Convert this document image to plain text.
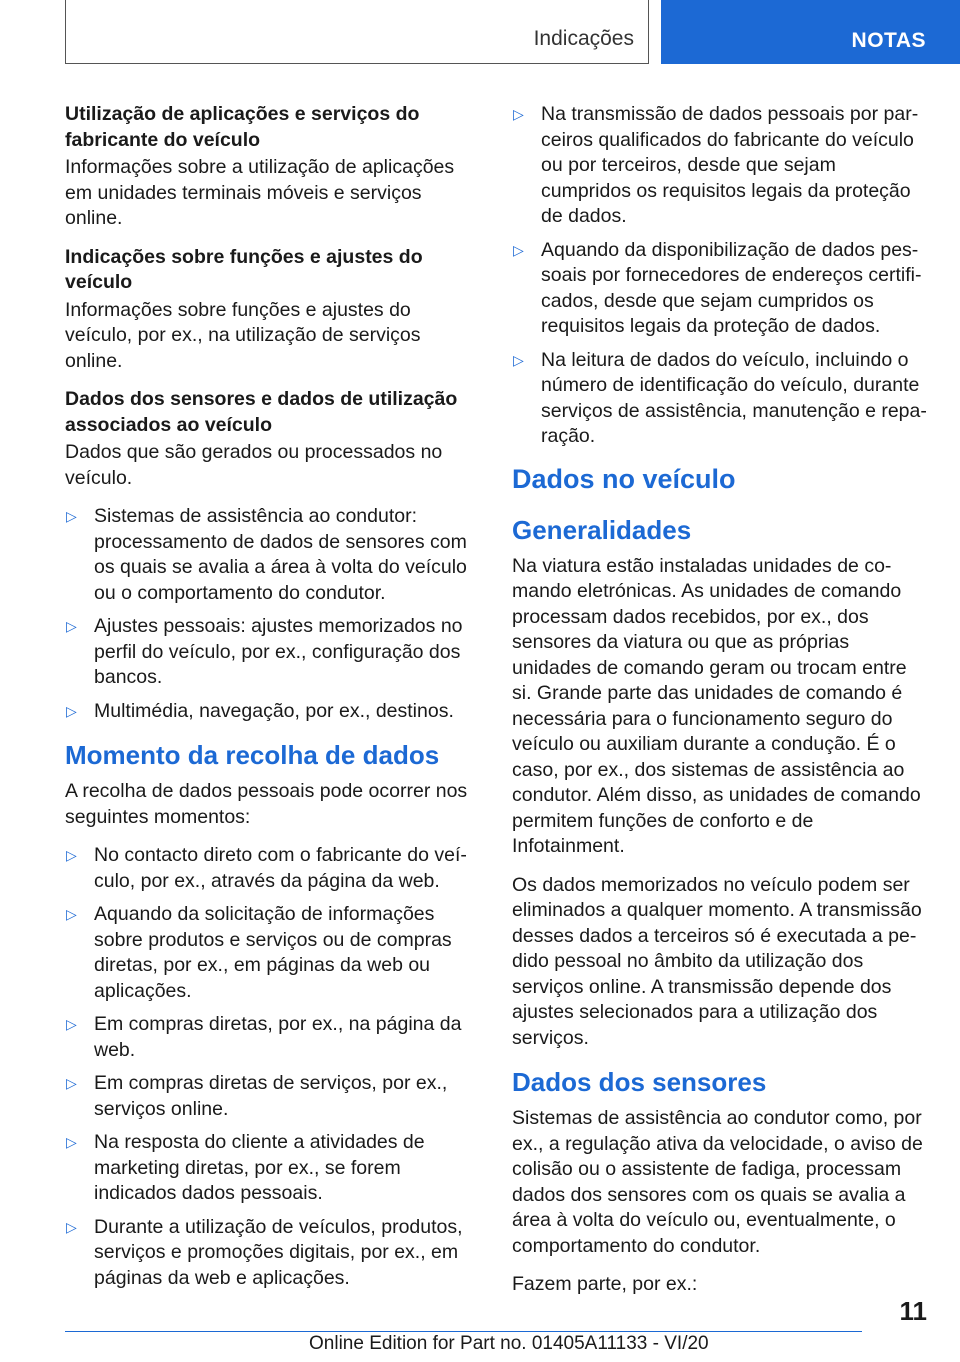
Indicações	NOTAS

Utilização de aplicações e serviços do fabricante do veículo

Informações sobre a utilização de aplicações em unidades terminais móveis e serviços online.

Indicações sobre funções e ajustes do veículo

Informações sobre funções e ajustes do veículo, por ex., na utilização de serviços online.

Dados dos sensores e dados de utilização associados ao veículo

Dados que são gerados ou processados no veículo.

▷ Sistemas de assistência ao condutor: processamento de dados de sensores com os quais se avalia a área à volta do veículo ou o comportamento do condutor.
▷ Ajustes pessoais: ajustes memorizados no perfil do veículo, por ex., configuração dos bancos.
▷ Multimédia, navegação, por ex., destinos.
Momento da recolha de dados

A recolha de dados pessoais pode ocorrer nos seguintes momentos:

▷ No contacto direto com o fabricante do veículo, por ex., através da página da web.
▷ Aquando da solicitação de informações sobre produtos e serviços ou de compras diretas, por ex., em páginas da web ou aplicações.
▷ Em compras diretas, por ex., na página da web.
▷ Em compras diretas de serviços, por ex., serviços online.
▷ Na resposta do cliente a atividades de marketing diretas, por ex., se forem indicados dados pessoais.
▷ Durante a utilização de veículos, produtos, serviços e promoções digitais, por ex., em páginas da web e aplicações.
▷ Na transmissão de dados pessoais por parceiros qualificados do fabricante do veículo ou por terceiros, desde que sejam cumpridos os requisitos legais da proteção de dados.
▷ Aquando da disponibilização de dados pessoais por fornecedores de endereços certificados, desde que sejam cumpridos os requisitos legais da proteção de dados.
▷ Na leitura de dados do veículo, incluindo o número de identificação do veículo, durante serviços de assistência, manutenção e reparação.
Dados no veículo
Generalidades

Na viatura estão instaladas unidades de comando eletrónicas. As unidades de comando processam dados recebidos, por ex., dos sensores da viatura ou que as próprias unidades de comando geram ou trocam entre si. Grande parte das unidades de comando é necessária para o funcionamento seguro do veículo ou auxiliam durante a condução. É o caso, por ex., dos sistemas de assistência ao condutor. Além disso, as unidades de comando permitem funções de conforto e de Infotainment.

Os dados memorizados no veículo podem ser eliminados a qualquer momento. A transmissão desses dados a terceiros só é executada a pedido pessoal no âmbito da utilização dos serviços online. A transmissão depende dos ajustes selecionados para a utilização dos serviços.

Dados dos sensores

Sistemas de assistência ao condutor como, por ex., a regulação ativa da velocidade, o aviso de colisão ou o assistente de fadiga, processam dados dos sensores com os quais se avalia a área à volta do veículo ou, eventualmente, o comportamento do condutor.

Fazem parte, por ex.:

11
Online Edition for Part no. 01405A11133 - VI/20
